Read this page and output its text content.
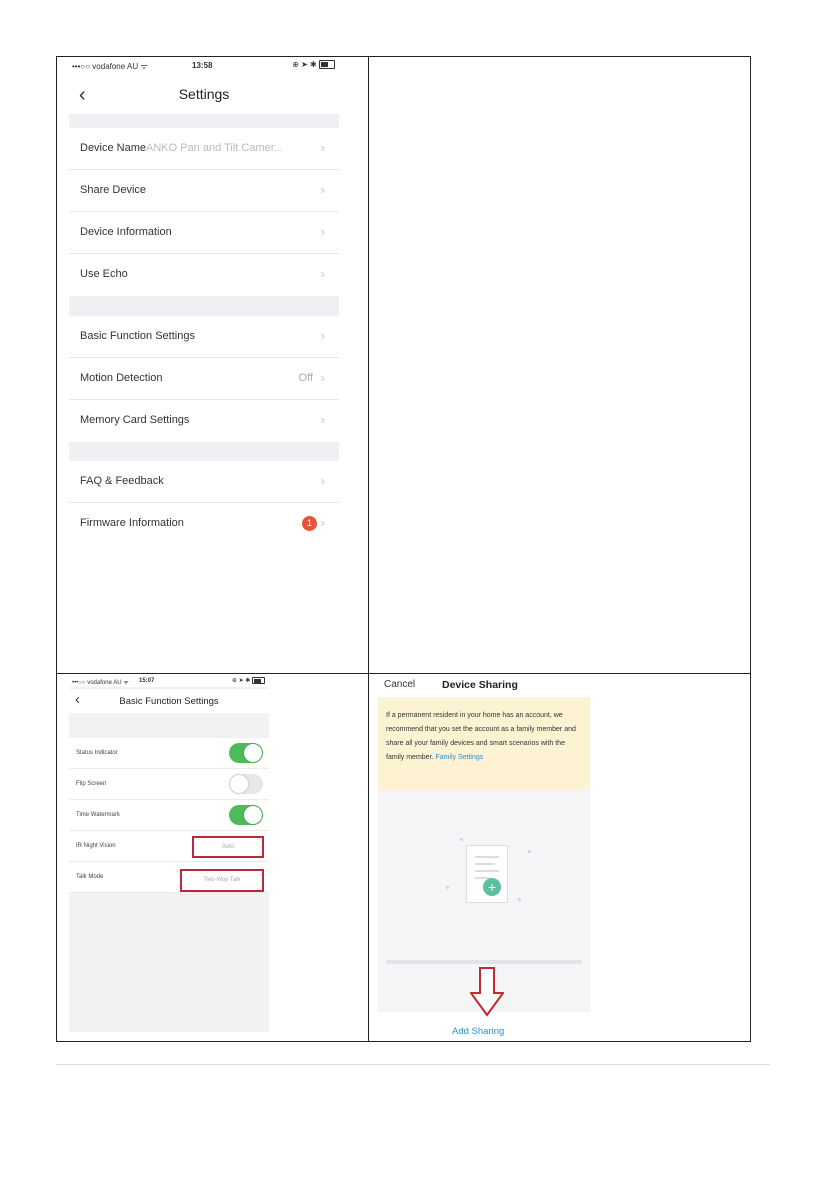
•••○○ vodafone AU ᯤ	13:58	⊕ ➤ ✱
‹	Settings
Device Name ANKO Pan and Tilt Camer...	›
Share Device	›
Device Information	›
Use Echo	›
Basic Function Settings	›
Motion Detection	Off ›
Memory Card Settings	›
FAQ & Feedback	›
Firmware Information	1 ›
•••○○ vodafone AU ᯤ 15:07	⊕ ➤ ✱
‹	Basic Function Settings
Status Indicator
Flip Screen
Time Watermark
IR Night Vision	Auto
Talk Mode	Two-Way Talk
Cancel	Device Sharing
If a permanent resident in your home has an account, we recommend that you set the account as a family member and share all your family devices and smart scenarios with the family member. Family Settings
+
Add Sharing
